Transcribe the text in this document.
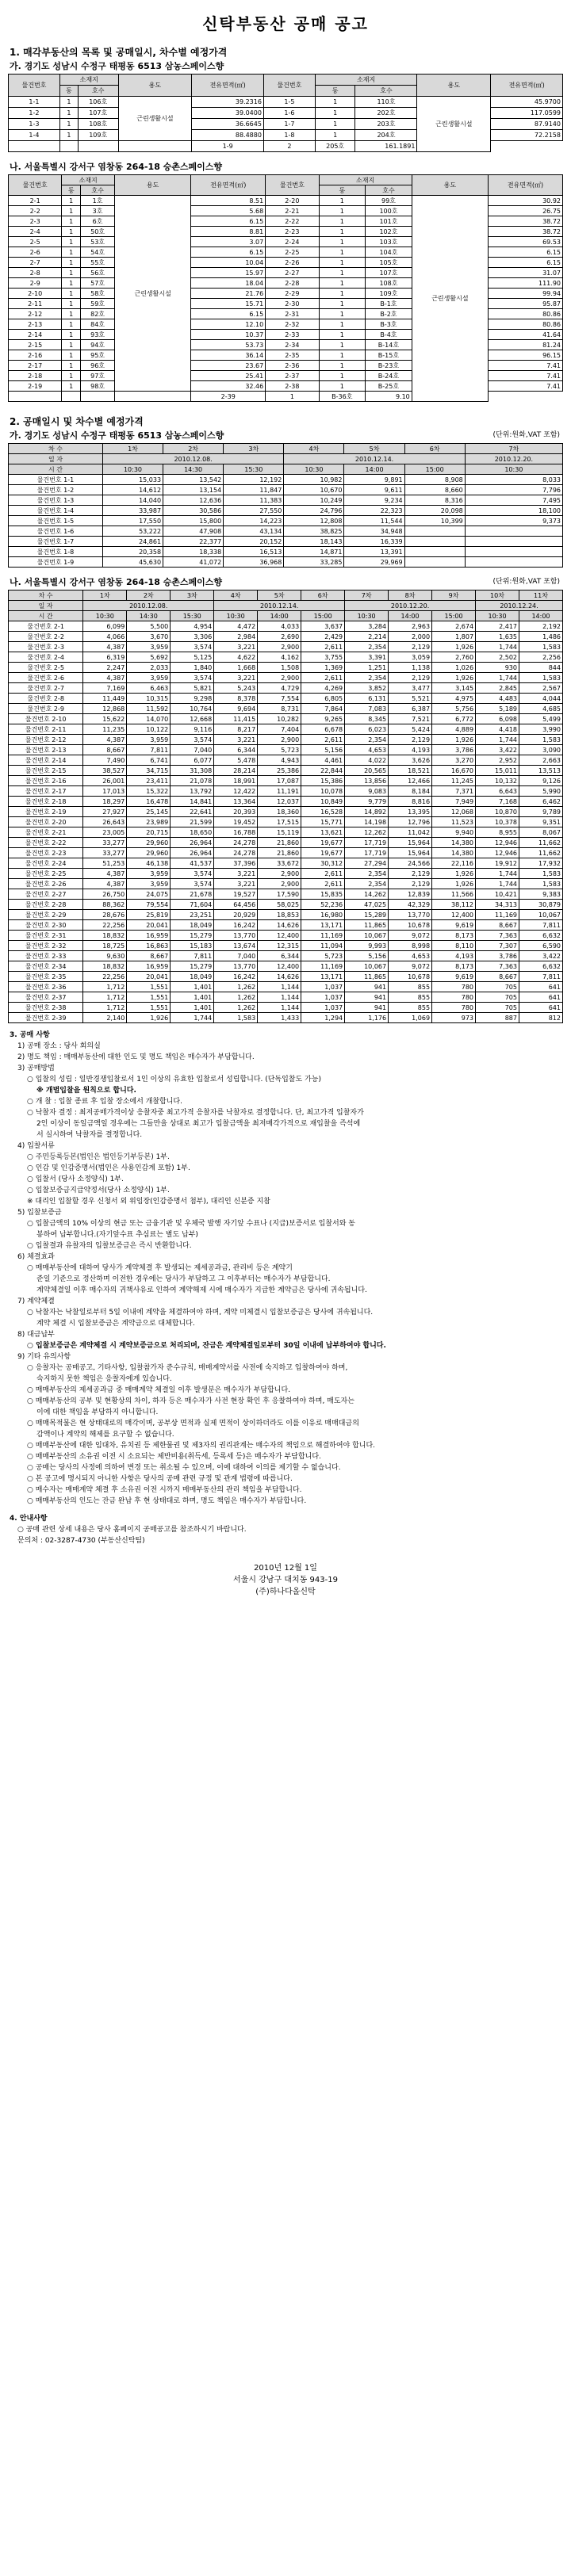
신탁부동산 공매 공고
1. 매각부동산의 목록 및 공매일시, 차수별 예정가격
가. 경기도 성남시 수정구 태평동 6513 삼농스페이스향
물건번호	소재지		용도	전유면적(㎡)	물건번호	소재지		용도	전유면적(㎡)
	동	호수				동	호수		
1-1	1	106호	근린생활시설	39.2316	1-5	1	110호	근린생활시설	45.9700
1-2	1	107호		39.0400	1-6	1	202호		117.0599
1-3	1	108호		36.6645	1-7	1	203호		87.9140
1-4	1	109호		88.4880	1-8	1	204호		72.2158
				1-9	2	205호	161.1891		
나. 서울특별시 강서구 염창동 264-18 승촌스페이스향
물건번호	소재지		용도	전유면적(㎡)	물건번호	소재지		용도	전유면적(㎡)
	동	호수				동	호수		
2-1	1	1호	근린생활시설	8.51	2-20	1	99호	근린생활시설	30.92
2-2	1	3호		5.68	2-21	1	100호		26.75
2-3	1	6호		6.15	2-22	1	101호		38.72
2-4	1	50호		8.81	2-23	1	102호		38.72
2-5	1	53호		3.07	2-24	1	103호		69.53
2-6	1	54호		6.15	2-25	1	104호		6.15
2-7	1	55호		10.04	2-26	1	105호		6.15
2-8	1	56호		15.97	2-27	1	107호		31.07
2-9	1	57호		18.04	2-28	1	108호		111.90
2-10	1	58호		21.76	2-29	1	109호		99.94
2-11	1	59호		15.71	2-30	1	B-1호		95.87
2-12	1	82호		6.15	2-31	1	B-2호		80.86
2-13	1	84호		12.10	2-32	1	B-3호		80.86
2-14	1	93호		10.37	2-33	1	B-4호		41.64
2-15	1	94호		53.73	2-34	1	B-14호		81.24
2-16	1	95호		36.14	2-35	1	B-15호		96.15
2-17	1	96호		23.67	2-36	1	B-23호		7.41
2-18	1	97호		25.41	2-37	1	B-24호		7.41
2-19	1	98호		32.46	2-38	1	B-25호		7.41
				2-39	1	B-36호	9.10		
2. 공매일시 및 차수별 예정가격
가. 경기도 성남시 수정구 태평동 6513 삼농스페이스향	(단위:원화,VAT 포함)
차 수	1차	2차	3차	4차	5차	6차	7차
일 자	2010.12.08.			2010.12.14.			2010.12.20.
시 간	10:30	14:30	15:30	10:30	14:00	15:00	10:30
물건번호 1-1	15,033	13,542	12,192	10,982	9,891	8,908	8,033
물건번호 1-2	14,612	13,154	11,847	10,670	9,611	8,660	7,796
물건번호 1-3	14,040	12,636	11,383	10,249	9,234	8,316	7,495
물건번호 1-4	33,987	30,586	27,550	24,796	22,323	20,098	18,100
물건번호 1-5	17,550	15,800	14,223	12,808	11,544	10,399	9,373
물건번호 1-6	53,222	47,908	43,134	38,825	34,948		
물건번호 1-7	24,861	22,377	20,152	18,143	16,339		
물건번호 1-8	20,358	18,338	16,513	14,871	13,391		
물건번호 1-9	45,630	41,072	36,968	33,285	29,969		
나. 서울특별시 강서구 염창동 264-18 승촌스페이스향	(단위:원화,VAT 포함)
차 수	1차	2차	3차	4차	5차	6차	7차	8차	9차	10차	11차
일 자	2010.12.08.			2010.12.14.			2010.12.20.			2010.12.24.	
시 간	10:30	14:30	15:30	10:30	14:00	15:00	10:30	14:00	15:00	10:30	14:00
물건번호 2-1	6,099	5,500	4,954	4,472	4,033	3,637	3,284	2,963	2,674	2,417	2,192
물건번호 2-2	4,066	3,670	3,306	2,984	2,690	2,429	2,214	2,000	1,807	1,635	1,486
물건번호 2-3	4,387	3,959	3,574	3,221	2,900	2,611	2,354	2,129	1,926	1,744	1,583
물건번호 2-4	6,319	5,692	5,125	4,622	4,162	3,755	3,391	3,059	2,760	2,502	2,256
물건번호 2-5	2,247	2,033	1,840	1,668	1,508	1,369	1,251	1,138	1,026	930	844
물건번호 2-6	4,387	3,959	3,574	3,221	2,900	2,611	2,354	2,129	1,926	1,744	1,583
물건번호 2-7	7,169	6,463	5,821	5,243	4,729	4,269	3,852	3,477	3,145	2,845	2,567
물건번호 2-8	11,449	10,315	9,298	8,378	7,554	6,805	6,131	5,521	4,975	4,483	4,044
물건번호 2-9	12,868	11,592	10,764	9,694	8,731	7,864	7,083	6,387	5,756	5,189	4,685
물건번호 2-10	15,622	14,070	12,668	11,415	10,282	9,265	8,345	7,521	6,772	6,098	5,499
물건번호 2-11	11,235	10,122	9,116	8,217	7,404	6,678	6,023	5,424	4,889	4,418	3,990
물건번호 2-12	4,387	3,959	3,574	3,221	2,900	2,611	2,354	2,129	1,926	1,744	1,583
물건번호 2-13	8,667	7,811	7,040	6,344	5,723	5,156	4,653	4,193	3,786	3,422	3,090
물건번호 2-14	7,490	6,741	6,077	5,478	4,943	4,461	4,022	3,626	3,270	2,952	2,663
물건번호 2-15	38,527	34,715	31,308	28,214	25,386	22,844	20,565	18,521	16,670	15,011	13,513
물건번호 2-16	26,001	23,411	21,078	18,991	17,087	15,386	13,856	12,466	11,245	10,132	9,126
물건번호 2-17	17,013	15,322	13,792	12,422	11,191	10,078	9,083	8,184	7,371	6,643	5,990
물건번호 2-18	18,297	16,478	14,841	13,364	12,037	10,849	9,779	8,816	7,949	7,168	6,462
물건번호 2-19	27,927	25,145	22,641	20,393	18,360	16,528	14,892	13,395	12,068	10,870	9,789
물건번호 2-20	26,643	23,989	21,599	19,452	17,515	15,771	14,198	12,796	11,523	10,378	9,351
물건번호 2-21	23,005	20,715	18,650	16,788	15,119	13,621	12,262	11,042	9,940	8,955	8,067
물건번호 2-22	33,277	29,960	26,964	24,278	21,860	19,677	17,719	15,964	14,380	12,946	11,662
물건번호 2-23	33,277	29,960	26,964	24,278	21,860	19,677	17,719	15,964	14,380	12,946	11,662
물건번호 2-24	51,253	46,138	41,537	37,396	33,672	30,312	27,294	24,566	22,116	19,912	17,932
물건번호 2-25	4,387	3,959	3,574	3,221	2,900	2,611	2,354	2,129	1,926	1,744	1,583
물건번호 2-26	4,387	3,959	3,574	3,221	2,900	2,611	2,354	2,129	1,926	1,744	1,583
물건번호 2-27	26,750	24,075	21,678	19,527	17,590	15,835	14,262	12,839	11,566	10,421	9,383
물건번호 2-28	88,362	79,554	71,604	64,456	58,025	52,236	47,025	42,329	38,112	34,313	30,879
물건번호 2-29	28,676	25,819	23,251	20,929	18,853	16,980	15,289	13,770	12,400	11,169	10,067
물건번호 2-30	22,256	20,041	18,049	16,242	14,626	13,171	11,865	10,678	9,619	8,667	7,811
물건번호 2-31	18,832	16,959	15,279	13,770	12,400	11,169	10,067	9,072	8,173	7,363	6,632
물건번호 2-32	18,725	16,863	15,183	13,674	12,315	11,094	9,993	8,998	8,110	7,307	6,590
물건번호 2-33	9,630	8,667	7,811	7,040	6,344	5,723	5,156	4,653	4,193	3,786	3,422
물건번호 2-34	18,832	16,959	15,279	13,770	12,400	11,169	10,067	9,072	8,173	7,363	6,632
물건번호 2-35	22,256	20,041	18,049	16,242	14,626	13,171	11,865	10,678	9,619	8,667	7,811
물건번호 2-36	1,712	1,551	1,401	1,262	1,144	1,037	941	855	780	705	641
물건번호 2-37	1,712	1,551	1,401	1,262	1,144	1,037	941	855	780	705	641
물건번호 2-38	1,712	1,551	1,401	1,262	1,144	1,037	941	855	780	705	641
물건번호 2-39	2,140	1,926	1,744	1,583	1,433	1,294	1,176	1,069	973	887	812
3. 공매 사항
1) 공매 장소 : 당사 회의실
2) 명도 책임 : 매매부동산에 대한 인도 및 명도 책임은 매수자가 부담합니다.
3) 공매방법
○ 입찰의 성립 : 일반경쟁입찰로서 1인 이상의 유효한 입찰로서 성립합니다. (단독입찰도 가능)
※ 개별입찰을 원칙으로 합니다.
○ 개 찰 : 입찰 종료 후 입찰 장소에서 개찰합니다.
○ 낙찰자 결정 : 최저공매가격이상 응찰자중 최고가격 응찰자를 낙찰자로 결정합니다. 단, 최고가격 입찰자가
2인 이상이 동일금액일 경우에는 그들만을 상대로 최고가 입찰금액을 최저매각가격으로 재입찰을 즉석에
서 실시하여 낙찰자를 결정합니다.
4) 입찰서류
○ 주민등록등본(법인은 법인등기부등본) 1부.
○ 인감 및 인감증명서(법인은 사용인감계 포함) 1부.
○ 입찰서 (당사 소정양식) 1부.
○ 입찰보증금지급약정서(당사 소정양식) 1부.
※ 대리인 입찰할 경우 신청서 외 위임장(인감증명서 첨부), 대리인 신분증 지참
5) 입찰보증금
○ 입찰금액의 10% 이상의 현금 또는 금융기관 및 우체국 발행 자기앞 수표나 (지급)보증서로 입찰서와 동
봉하여 납부합니다.(자기앞수표 추심료는 별도 납부)
○ 입찰결과 유찰자의 입찰보증금은 즉시 반환합니다.
6) 체결효과
○ 매매부동산에 대하여 당사가 계약체결 후 발생되는 제세공과금, 관리비 등은 계약기
준일 기준으로 정산하며 이전한 경우에는 당사가 부담하고 그 이후부터는 매수자가 부담합니다.
계약체결일 이후 매수자의 귀책사유로 인하여 계약해제 시에 매수자가 지급한 계약금은 당사에 귀속됩니다.
7) 계약체결
○ 낙찰자는 낙찰일로부터 5일 이내에 계약을 체결하여야 하며, 계약 미체결시 입찰보증금은 당사에 귀속됩니다.
계약 체결 시 입찰보증금은 계약금으로 대체합니다.
8) 대금납부
○ 입찰보증금은 계약체결 시 계약보증금으로 처리되며, 잔금은 계약체결일로부터 30일 이내에 납부하여야 합니다.
9) 기타 유의사항
○ 응찰자는 공매공고, 기타사항, 입찰참가자 준수규칙, 매매계약서를 사전에 숙지하고 입찰하여야 하며,
숙지하지 못한 책임은 응찰자에게 있습니다.
○ 매매부동산의 제세공과금 중 매매계약 체결일 이후 발생분은 매수자가 부담합니다.
○ 매매부동산의 공부 및 현황상의 차이, 하자 등은 매수자가 사전 현장 확인 후 응찰하여야 하며, 매도자는
이에 대한 책임을 부담하지 아니합니다.
○ 매매목적물은 현 상태대로의 매각이며, 공부상 면적과 실제 면적이 상이하더라도 이를 이유로 매매대금의
감액이나 계약의 해제를 요구할 수 없습니다.
○ 매매부동산에 대한 임대차, 유치권 등 제한물권 및 제3자의 권리관계는 매수자의 책임으로 해결하여야 합니다.
○ 매매부동산의 소유권 이전 시 소요되는 제반비용(취득세, 등록세 등)은 매수자가 부담합니다.
○ 공매는 당사의 사정에 의하여 변경 또는 취소될 수 있으며, 이에 대하여 이의를 제기할 수 없습니다.
○ 본 공고에 명시되지 아니한 사항은 당사의 공매 관련 규정 및 관계 법령에 따릅니다.
○ 매수자는 매매계약 체결 후 소유권 이전 시까지 매매부동산의 관리 책임을 부담합니다.
○ 매매부동산의 인도는 잔금 완납 후 현 상태대로 하며, 명도 책임은 매수자가 부담합니다.
4. 안내사항
○ 공매 관련 상세 내용은 당사 홈페이지 공매공고를 참조하시기 바랍니다.
문의처 : 02-3287-4730 (부동산신탁팀)
2010년 12월 1일
서울시 강남구 대치동 943-19
(주)하나다올신탁
